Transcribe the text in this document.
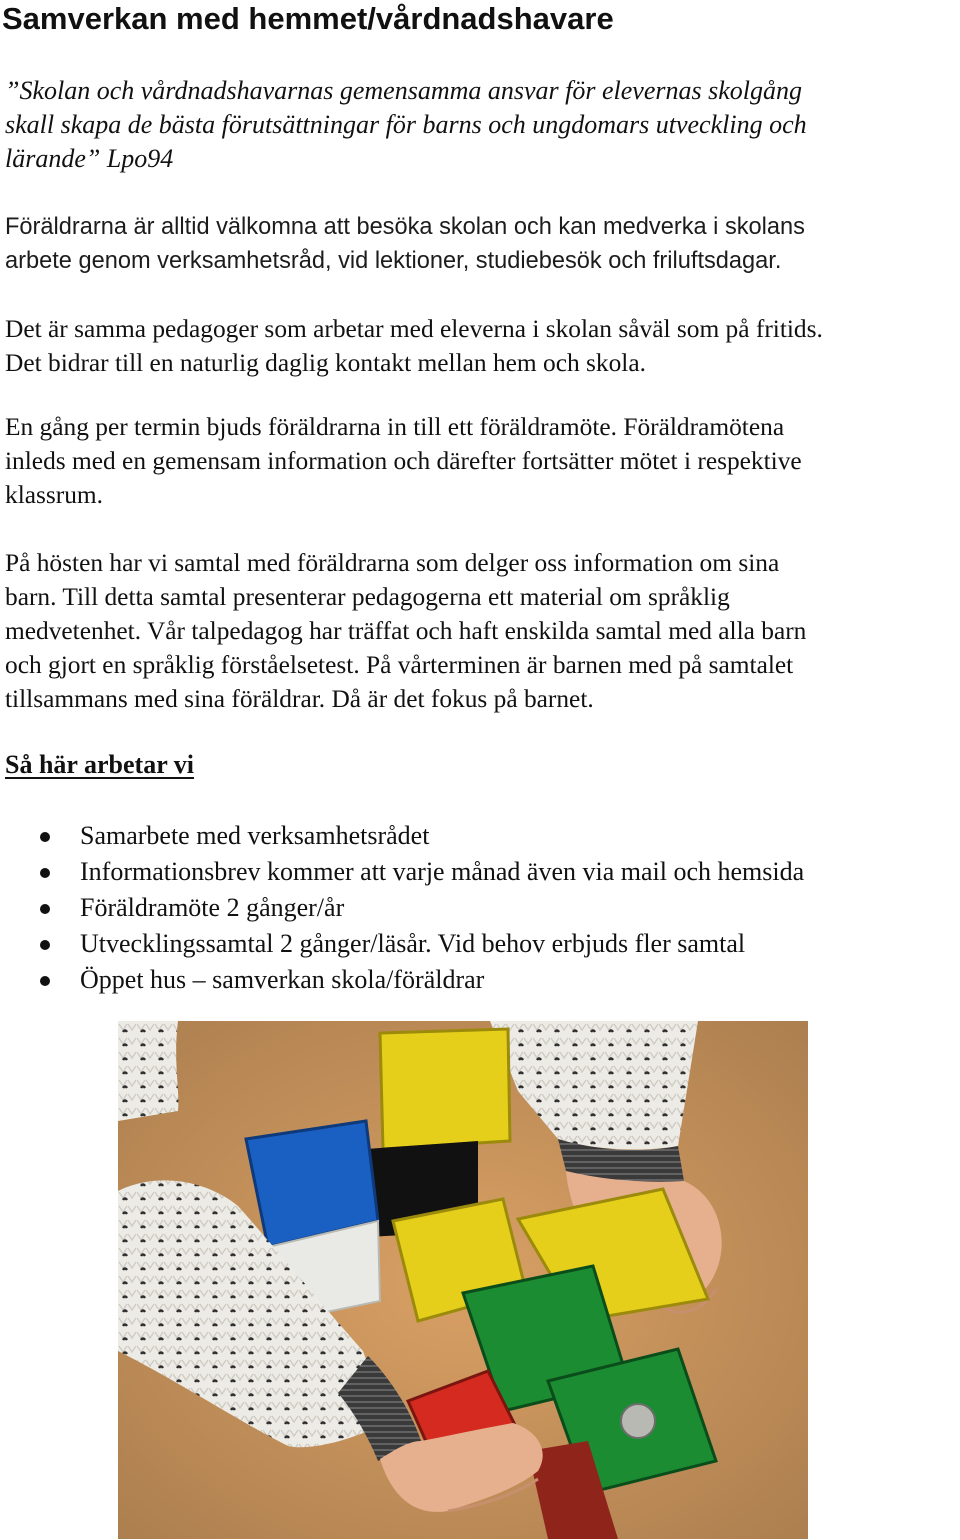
Samverkan med hemmet/vårdnadshavare

”Skolan och vårdnadshavarnas gemensamma ansvar för elevernas skolgång
skall skapa de bästa förutsättningar för barns och ungdomars utveckling och
lärande” Lpo94

Föräldrarna är alltid välkomna att besöka skolan och kan medverka i skolans
arbete genom verksamhetsråd, vid lektioner, studiebesök och friluftsdagar.

Det är samma pedagoger som arbetar med eleverna i skolan såväl som på fritids.
Det bidrar till en naturlig daglig kontakt mellan hem och skola.

En gång per termin bjuds föräldrarna in till ett föräldramöte. Föräldramötena
inleds med en gemensam information och därefter fortsätter mötet i respektive
klassrum.

På hösten har vi samtal med föräldrarna som delger oss information om sina
barn. Till detta samtal presenterar pedagogerna ett material om språklig
medvetenhet. Vår talpedagog har träffat och haft enskilda samtal med alla barn
och gjort en språklig förståelsetest. På vårterminen är barnen med på samtalet
tillsammans med sina föräldrar. Då är det fokus på barnet.

Så här arbetar vi
Samarbete med verksamhetsrådet
Informationsbrev kommer att varje månad även via mail och hemsida
Föräldramöte 2 gånger/år
Utvecklingssamtal 2 gånger/läsår. Vid behov erbjuds fler samtal
Öppet hus – samverkan skola/föräldrar
